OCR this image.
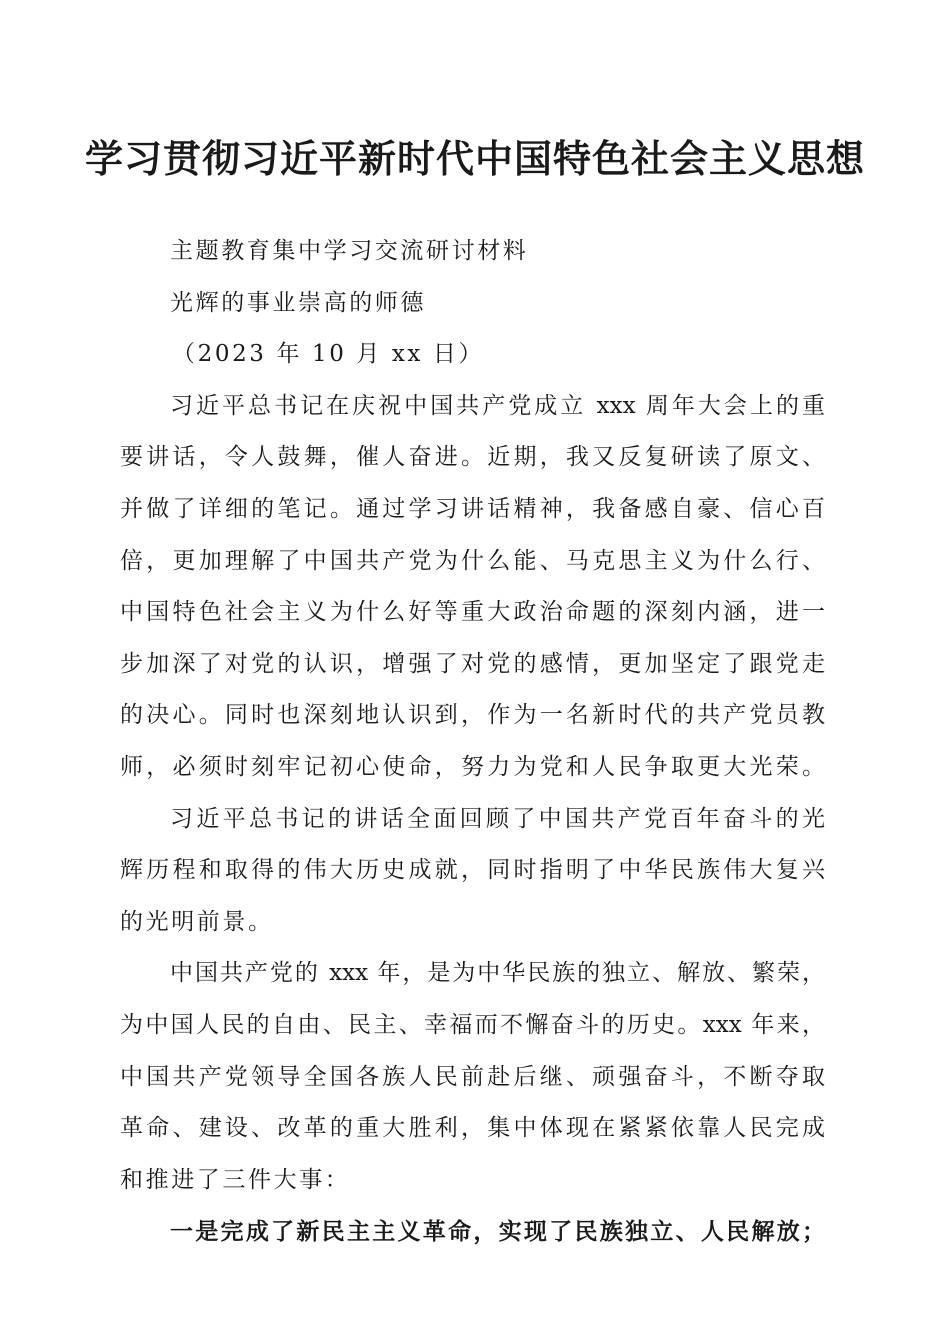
学习贯彻习近平新时代中国特色社会主义思想

主题教育集中学习交流研讨材料

光辉的事业崇高的师德

（2023 年 10 月 xx 日）

习近平总书记在庆祝中国共产党成立 xxx 周年大会上的重
要讲话，令人鼓舞，催人奋进。近期，我又反复研读了原文、
并做了详细的笔记。通过学习讲话精神，我备感自豪、信心百
倍，更加理解了中国共产党为什么能、马克思主义为什么行、
中国特色社会主义为什么好等重大政治命题的深刻内涵，进一
步加深了对党的认识，增强了对党的感情，更加坚定了跟党走
的决心。同时也深刻地认识到，作为一名新时代的共产党员教
师，必须时刻牢记初心使命，努力为党和人民争取更大光荣。
习近平总书记的讲话全面回顾了中国共产党百年奋斗的光
辉历程和取得的伟大历史成就，同时指明了中华民族伟大复兴
的光明前景。
中国共产党的 xxx 年，是为中华民族的独立、解放、繁荣，
为中国人民的自由、民主、幸福而不懈奋斗的历史。xxx 年来，
中国共产党领导全国各族人民前赴后继、顽强奋斗，不断夺取
革命、建设、改革的重大胜利，集中体现在紧紧依靠人民完成
和推进了三件大事：

一是完成了新民主主义革命，实现了民族独立、人民解放；
